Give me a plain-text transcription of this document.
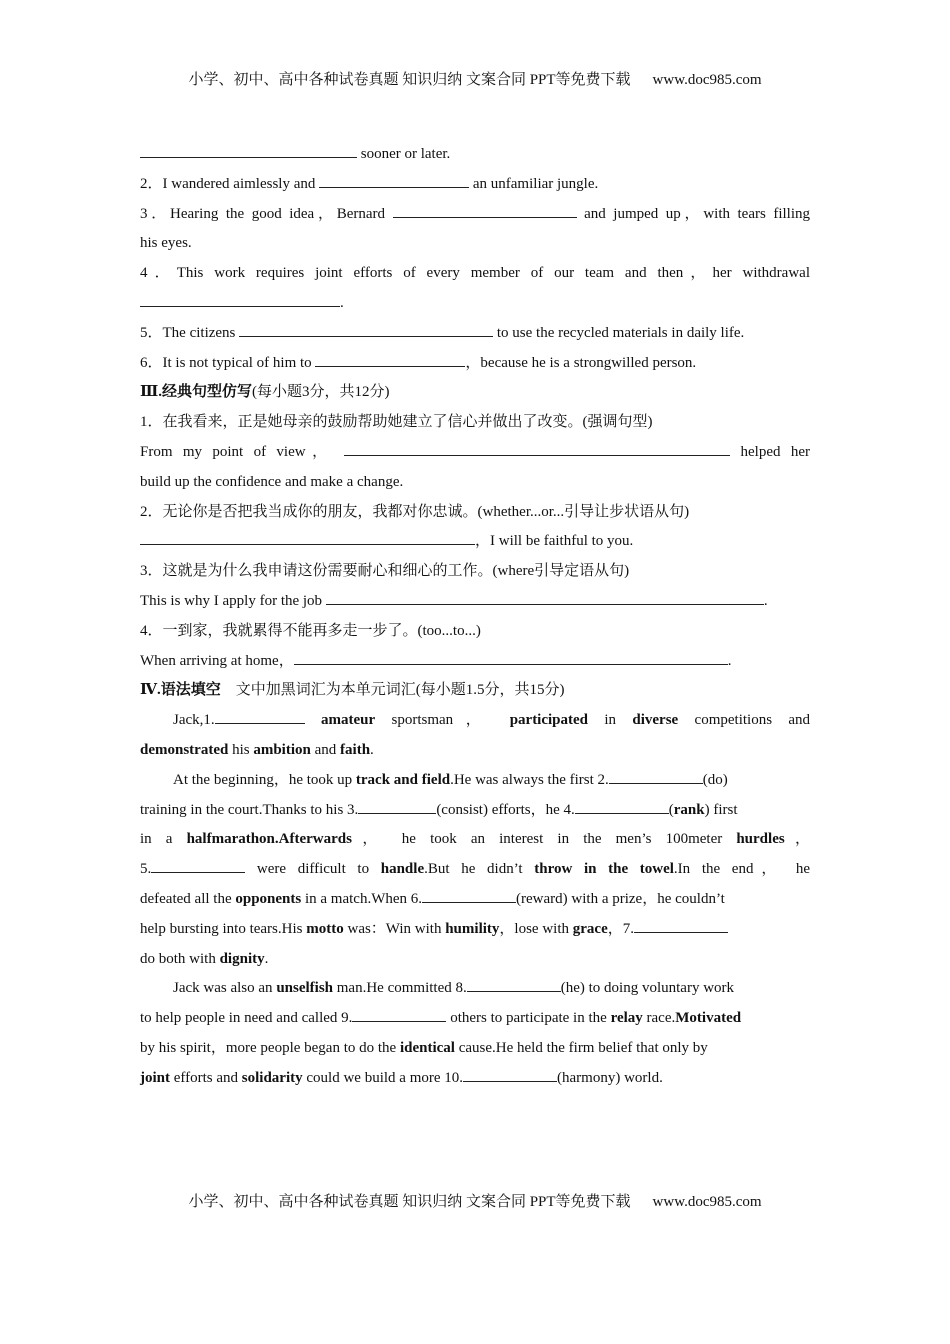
小学、初中、高中各种试卷真题 知识归纳 文案合同 PPT等免费下载 www.doc985.com
sooner or later.
2．I wandered aimlessly and	an unfamiliar jungle.
3．Hearing the good idea，Bernard	and jumped up，with tears filling
his eyes.
4．This work requires joint efforts of every member of our team and then，her withdrawal
.
5．The citizens	to use the recycled materials in daily life.
6．It is not typical of him to	，because he is a strongwilled person.
Ⅲ.经典句型仿写(每小题3分，共12分)
1．在我看来，正是她母亲的鼓励帮助她建立了信心并做出了改变。(强调句型)
From my point of view，	helped her
build up the confidence and make a change.
2．无论你是否把我当成你的朋友，我都对你忠诚。(whether...or...引导让步状语从句)
，I will be faithful to you.
3．这就是为什么我申请这份需要耐心和细心的工作。(where引导定语从句)
This is why I apply for the job	.
4．一到家，我就累得不能再多走一步了。(too...to...)
When arriving at home，	.
Ⅳ.语法填空 文中加黑词汇为本单元词汇(每小题1.5分，共15分)
Jack,1.	amateur sportsman， participated in diverse competitions and
demonstrated his ambition and faith.
At the beginning，he took up track and field.He was always the first 2.	(do)
training in the court.Thanks to his 3.	(consist) efforts，he 4.	(rank) first
in a halfmarathon.Afterwards， he took an interest in the men’s 100meter hurdles，
5.	were difficult to handle.But he didn’t throw in the towel.In the end， he
defeated all the opponents in a match.When 6.	(reward) with a prize，he couldn’t
help bursting into tears.His motto was：Win with humility，lose with grace，7.
do both with dignity.
Jack was also an unselfish man.He committed 8.	(he) to doing voluntary work
to help people in need and called 9.	others to participate in the relay race.Motivated
by his spirit，more people began to do the identical cause.He held the firm belief that only by
joint efforts and solidarity could we build a more 10.	(harmony) world.
小学、初中、高中各种试卷真题 知识归纳 文案合同 PPT等免费下载 www.doc985.com
